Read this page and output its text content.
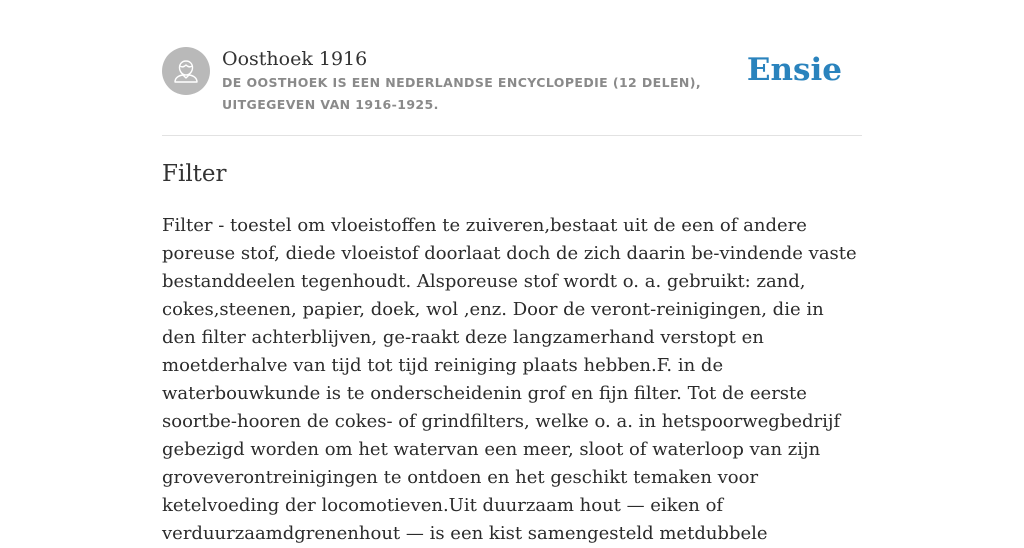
Oosthoek 1916
DE OOSTHOEK IS EEN NEDERLANDSE ENCYCLOPEDIE (12 DELEN), UITGEGEVEN VAN 1916-1925.
Ensie
Filter

Filter - toestel om vloeistoffen te zuiveren,bestaat uit de een of andere poreuse stof, diede vloeistof doorlaat doch de zich daarin be-vindende vaste bestanddeelen tegenhoudt. Alsporeuse stof wordt o. a. gebruikt: zand, cokes,steenen, papier, doek, wol ,enz. Door de veront-reinigingen, die in den filter achterblijven, ge-raakt deze langzamerhand verstopt en moetderhalve van tijd tot tijd reiniging plaats hebben.F. in de waterbouwkunde is te onderscheidenin grof en fijn filter. Tot de eerste soortbe-hooren de cokes- of grindfilters, welke o. a. in hetspoorwegbedrijf gebezigd worden om het watervan een meer, sloot of waterloop van zijn groveverontreinigingen te ontdoen en het geschikt temaken voor ketelvoeding der locomotieven.Uit duurzaam hout — eiken of verduurzaamdgrenenhout — is een kist samengesteld metdubbele
